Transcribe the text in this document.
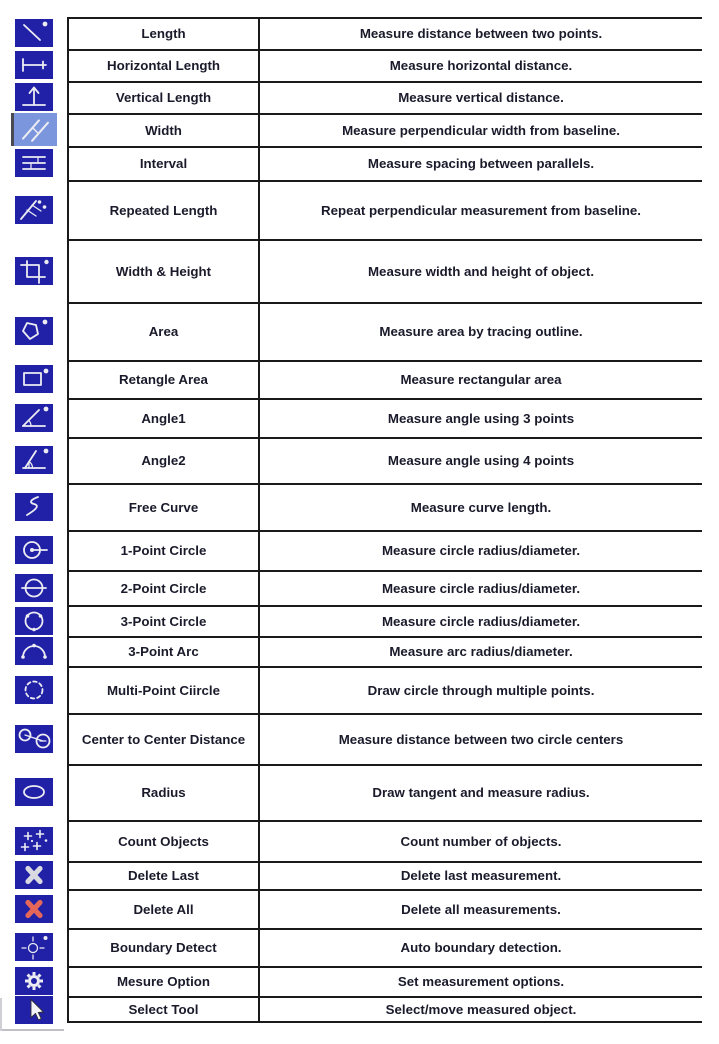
Length	Measure distance between two points.
Horizontal Length	Measure horizontal distance.
Vertical Length	Measure vertical distance.
Width	Measure perpendicular width from baseline.
Interval	Measure spacing between parallels.
Repeated Length	Repeat perpendicular measurement from baseline.
Width & Height	Measure width and height of object.
Area	Measure area by tracing outline.
Retangle Area	Measure rectangular area
Angle1	Measure angle using 3 points
Angle2	Measure angle using 4 points
Free Curve	Measure curve length.
1-Point Circle	Measure circle radius/diameter.
2-Point Circle	Measure circle radius/diameter.
3-Point Circle	Measure circle radius/diameter.
3-Point Arc	Measure arc radius/diameter.
Multi-Point Ciircle	Draw circle through multiple points.
Center to Center Distance	Measure distance between two circle centers
Radius	Draw tangent and measure radius.
Count Objects	Count number of objects.
Delete Last	Delete last measurement.
Delete All	Delete all measurements.
Boundary Detect	Auto boundary detection.
Mesure Option	Set measurement options.
Select Tool	Select/move measured object.
